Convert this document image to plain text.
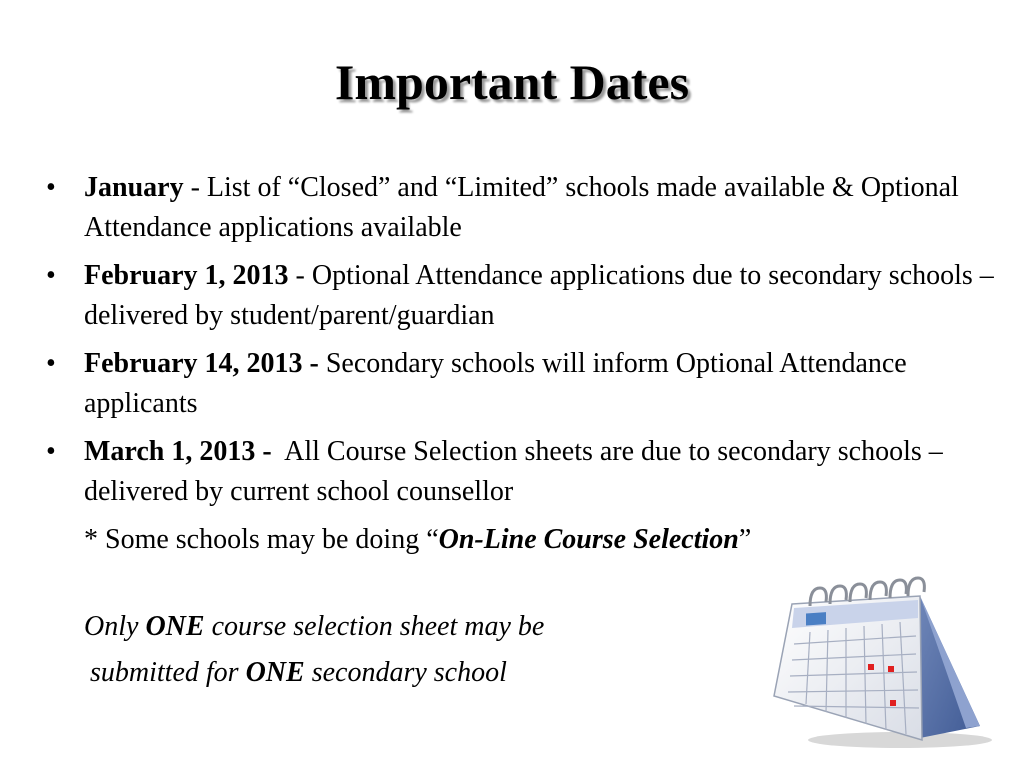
Important Dates
• January - List of “Closed” and “Limited” schools made available & Optional Attendance applications available
• February 1, 2013 - Optional Attendance applications due to secondary schools – delivered by student/parent/guardian
• February 14, 2013 - Secondary schools will inform Optional Attendance applicants
• March 1, 2013 -  All Course Selection sheets are due to secondary schools – delivered by current school counsellor
* Some schools may be doing “On-Line Course Selection”
Only ONE course selection sheet may be
submitted for ONE secondary school
